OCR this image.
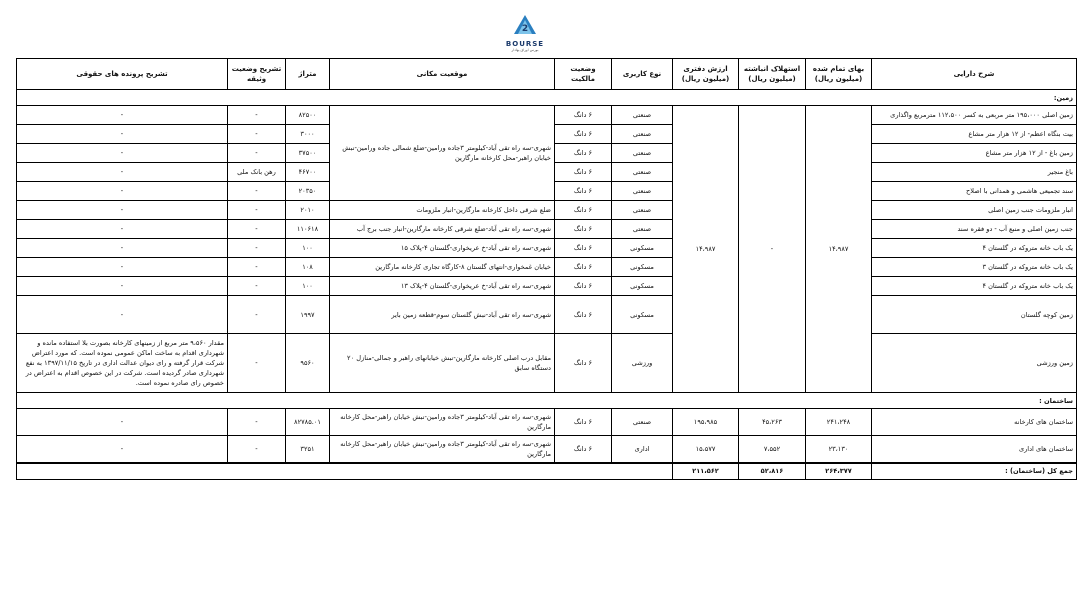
2
BOURSE
بورس اوراق بهادار
شرح دارایی	بهای تمام شده (میلیون ریال)	استهلاک انباشته (میلیون ریال)	ارزش دفتری (میلیون ریال)	نوع کاربری	وضعیت مالکیت	موقعیت مکانی	متراژ	تشریح وضعیت وثیقه	تشریح پرونده های حقوقی
زمین:									
زمین اصلی ۱۹۵،۰۰۰ متر مربعی به کسر ۱۱۲،۵۰۰ مترمربع واگذاری	۱۴،۹۸۷	-	۱۴،۹۸۷	صنعتی	۶ دانگ	شهری-سه راه تقی آباد-کیلومتر ۳جاده ورامین-ضلع شمالی جاده ورامین-نبش خیابان راهبر-محل کارخانه مارگارین	۸۲۵۰۰	-	-
بیت بنگاه اعظم- از ۱۲ هزار متر مشاع				صنعتی	۶ دانگ		۳۰۰۰	-	-
زمین باغ - از ۱۲ هزار متر مشاع				صنعتی	۶ دانگ		۳۷۵۰۰	-	-
باغ منجیر				صنعتی	۶ دانگ		۴۶۷۰۰	رهن بانک ملی	-
سند تجمیعی هاشمی و همدانی با اصلاح				صنعتی	۶ دانگ		۲۰۳۵۰	-	-
انبار ملزومات جنب زمین اصلی				صنعتی	۶ دانگ	ضلع شرقی داخل کارخانه مارگارین-انبار ملزومات	۲۰۱۰	-	-
جنب زمین اصلی و منبع آب - دو فقره سند				صنعتی	۶ دانگ	شهری-سه راه تقی آباد-ضلع شرقی کارخانه مارگارین-انبار جنب برج آب	۱۱۰۶۱۸	-	-
یک باب خانه متروکه در گلستان ۴				مسکونی	۶ دانگ	شهری-سه راه تقی آباد-خ عریخواری-گلستان ۴-پلاک ۱۵	۱۰۰	-	-
یک باب خانه متروکه در گلستان ۳				مسکونی	۶ دانگ	خیابان غمخواری-انتهای گلستان ۸-کارگاه تجاری کارخانه مارگارین	۱۰۸	-	-
یک باب خانه متروکه در گلستان ۴				مسکونی	۶ دانگ	شهری-سه راه تقی آباد-خ عریخواری-گلستان ۴-پلاک ۱۳	۱۰۰	-	-
زمین کوچه گلستان				مسکونی	۶ دانگ	شهری-سه راه تقی آباد-نبش گلستان سوم-قطعه زمین بایر	۱۹۹۷	-	-
زمین ورزشی				ورزشی	۶ دانگ	مقابل درب اصلی کارخانه مارگارین-نبش خیابانهای راهبر و جمالی-منازل ۲۰ دستگاه سابق	۹۵۶۰	-	مقدار ۹،۵۶۰ متر مربع از زمینهای کارخانه بصورت بلا استفاده مانده و شهرداری اقدام به ساخت اماکن عمومی نموده است. که مورد اعتراض شرکت قرار گرفته و رای دیوان عدالت اداری در تاریخ ۱۳۹۷/۱۱/۱۵ به نفع شهرداری صادر گردیده است. شرکت در این خصوص اقدام به اعتراض در خصوص رای صادره نموده است.
ساختمان :									
ساختمان های کارخانه	۲۴۱،۲۴۸	۴۵،۲۶۳	۱۹۵،۹۸۵	صنعتی	۶ دانگ	شهری-سه راه تقی آباد-کیلومتر ۳جاده ورامین-نبش خیابان راهبر-محل کارخانه مارگارین	۸۲۷۸۵.۰۱	-	-
ساختمان های اداری	۲۳،۱۳۰	۷،۵۵۲	۱۵،۵۷۷	اداری	۶ دانگ	شهری-سه راه تقی آباد-کیلومتر ۳جاده ورامین-نبش خیابان راهبر-محل کارخانه مارگارین	۳۲۵۱	-	-
جمع کل (ساختمان) :	۲۶۴،۳۷۷	۵۲،۸۱۶	۲۱۱،۵۶۲						
